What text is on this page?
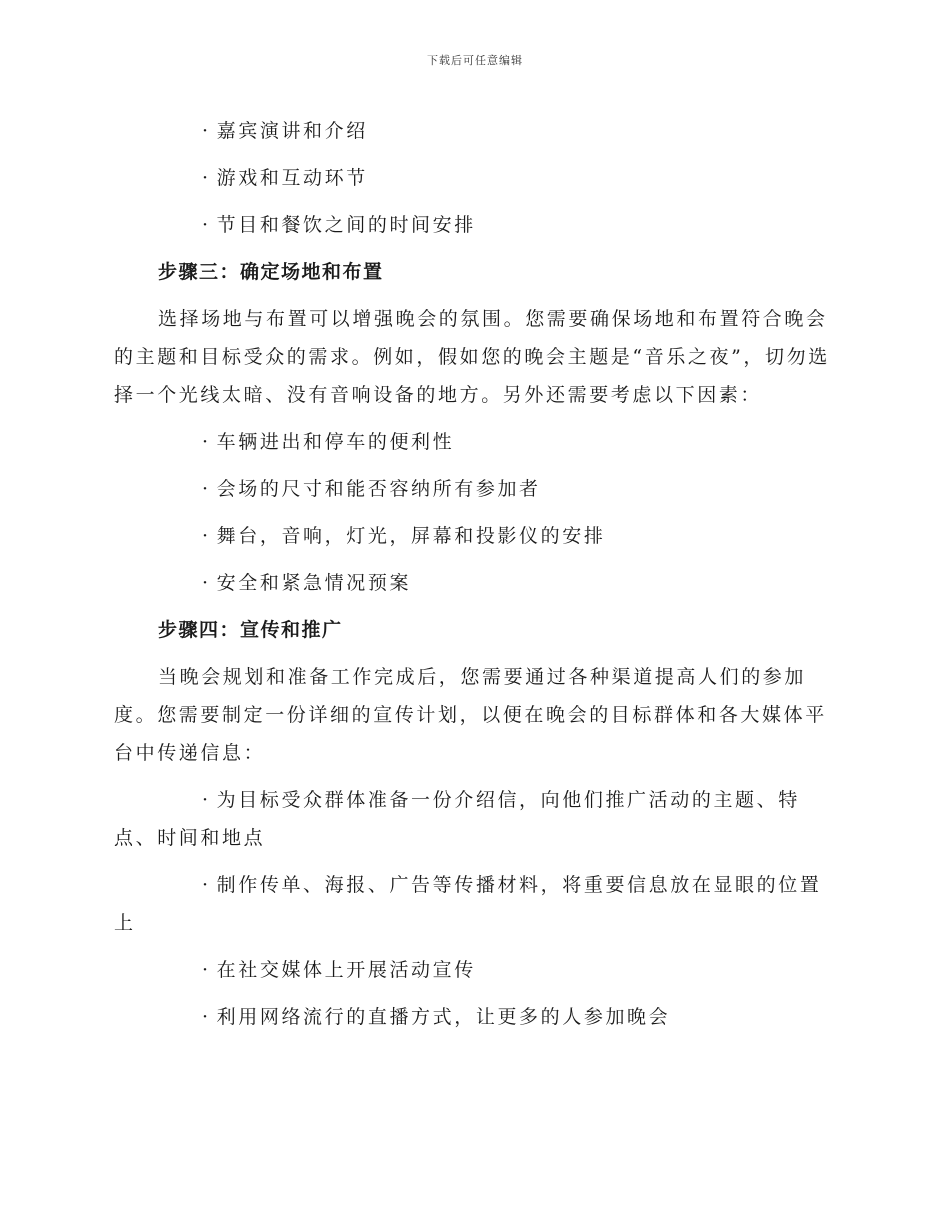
下载后可任意编辑

· 嘉宾演讲和介绍

· 游戏和互动环节

· 节目和餐饮之间的时间安排

步骤三：确定场地和布置

选择场地与布置可以增强晚会的氛围。您需要确保场地和布置符合晚会的主题和目标受众的需求。例如，假如您的晚会主题是“音乐之夜”，切勿选择一个光线太暗、没有音响设备的地方。另外还需要考虑以下因素：

· 车辆进出和停车的便利性

· 会场的尺寸和能否容纳所有参加者

· 舞台，音响，灯光，屏幕和投影仪的安排

· 安全和紧急情况预案

步骤四：宣传和推广

当晚会规划和准备工作完成后，您需要通过各种渠道提高人们的参加度。您需要制定一份详细的宣传计划，以便在晚会的目标群体和各大媒体平台中传递信息：

· 为目标受众群体准备一份介绍信，向他们推广活动的主题、特点、时间和地点

· 制作传单、海报、广告等传播材料，将重要信息放在显眼的位置上

· 在社交媒体上开展活动宣传

· 利用网络流行的直播方式，让更多的人参加晚会
